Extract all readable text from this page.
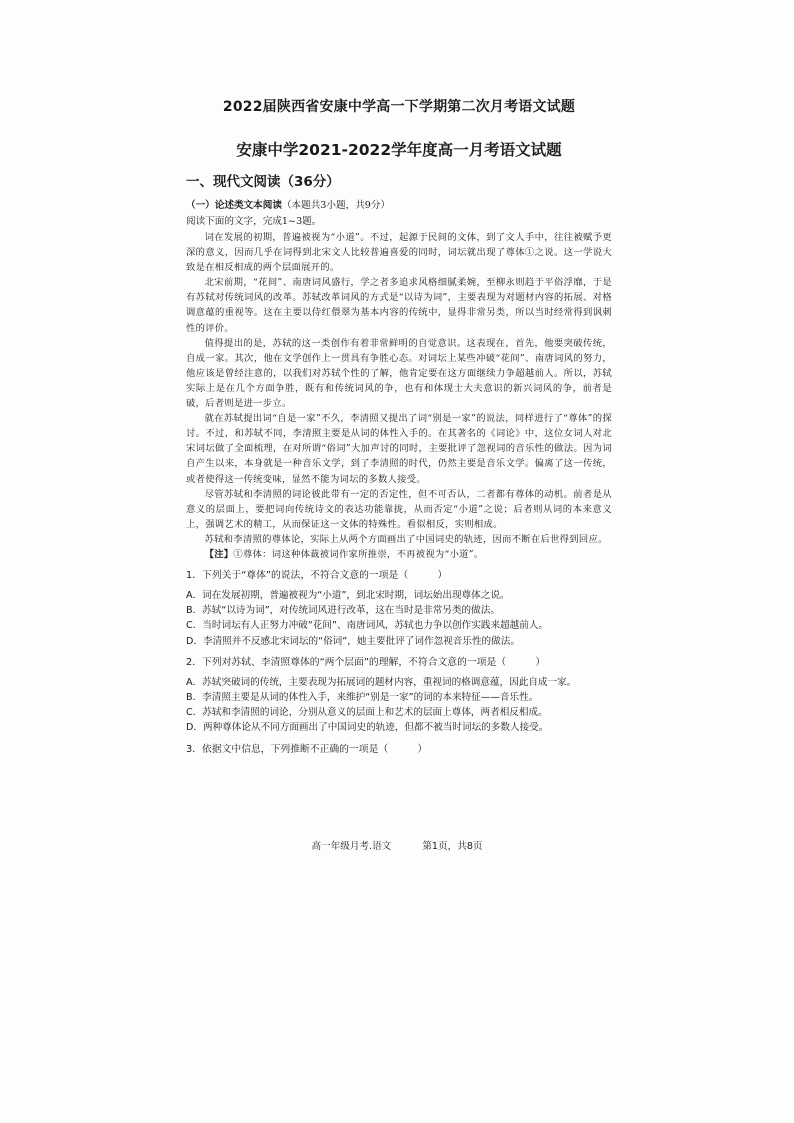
2022届陕西省安康中学高一下学期第二次月考语文试题
安康中学2021-2022学年度高一月考语文试题
一、现代文阅读（36分）
（一）论述类文本阅读（本题共3小题，共9分）
阅读下面的文字，完成1~3题。

词在发展的初期，普遍被视为“小道”。不过，起源于民间的文体，到了文人手中，往往被赋予更深的意义，因而几乎在词得到北宋文人比较普遍喜爱的同时，词坛就出现了尊体①之说。这一学说大致是在相反相成的两个层面展开的。

北宋前期，“花间”、南唐词风盛行，学之者多追求风格细腻柔婉，至柳永则趋于平俗浮靡，于是有苏轼对传统词风的改革。苏轼改革词风的方式是“以诗为词”，主要表现为对题材内容的拓展、对格调意蕴的重视等。这在主要以侍红偎翠为基本内容的传统中，显得非常另类，所以当时经常得到讽刺性的评价。

值得提出的是，苏轼的这一类创作有着非常鲜明的自觉意识。这表现在，首先，他要突破传统，自成一家。其次，他在文学创作上一贯具有争胜心态。对词坛上某些冲破“花间”、南唐词风的努力，他应该是曾经注意的，以我们对苏轼个性的了解，他肯定要在这方面继续力争超越前人。所以，苏轼实际上是在几个方面争胜，既有和传统词风的争，也有和体现士大夫意识的新兴词风的争，前者是破，后者则是进一步立。

就在苏轼提出词“自是一家”不久，李清照又提出了词“别是一家”的说法，同样进行了“尊体”的探讨。不过，和苏轼不同，李清照主要是从词的体性入手的。在其著名的《词论》中，这位女词人对北宋词坛做了全面梳理，在对所谓“俗词”大加声讨的同时，主要批评了忽视词的音乐性的做法。因为词自产生以来，本身就是一种音乐文学，到了李清照的时代，仍然主要是音乐文学。偏离了这一传统，或者使得这一传统变味，显然不能为词坛的多数人接受。

尽管苏轼和李清照的词论彼此带有一定的否定性，但不可否认，二者都有尊体的动机。前者是从意义的层面上，要把词向传统诗文的表达功能靠拢，从而否定“小道”之说；后者则从词的本来意义上，强调艺术的精工，从而保证这一文体的特殊性。看似相反，实则相成。

苏轼和李清照的尊体论，实际上从两个方面画出了中国词史的轨迹，因而不断在后世得到回应。

【注】①尊体：词这种体裁被词作家所推崇，不再被视为“小道”。

1．下列关于“尊体”的说法，不符合文意的一项是（　　　）

A．词在发展初期，普遍被视为“小道”，到北宋时期，词坛始出现尊体之说。

B．苏轼“以诗为词”，对传统词风进行改革，这在当时是非常另类的做法。

C．当时词坛有人正努力冲破“花间”、南唐词风，苏轼也力争以创作实践来超越前人。

D．李清照并不反感北宋词坛的“俗词”，她主要批评了词作忽视音乐性的做法。

2．下列对苏轼、李清照尊体的“两个层面”的理解，不符合文意的一项是（　　　）

A．苏轼突破词的传统，主要表现为拓展词的题材内容，重视词的格调意蕴，因此自成一家。

B．李清照主要是从词的体性入手，来维护“别是一家”的词的本来特征——音乐性。

C．苏轼和李清照的词论，分别从意义的层面上和艺术的层面上尊体，两者相反相成。

D．两种尊体论从不同方面画出了中国词史的轨迹，但都不被当时词坛的多数人接受。

3．依据文中信息，下列推断不正确的一项是（　　　）

高一年级月考.语文	第1页，共8页
